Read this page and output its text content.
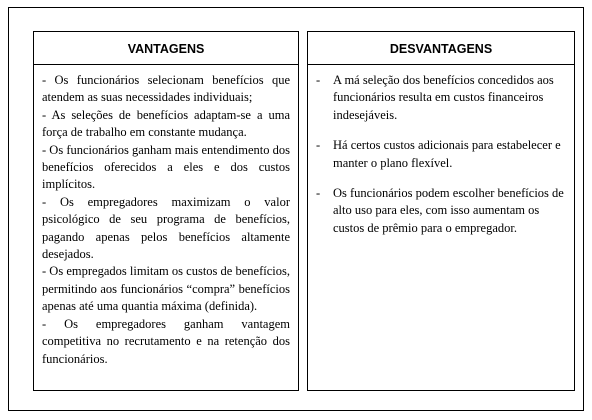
VANTAGENS
- Os funcionários selecionam benefícios que atendem as suas necessidades individuais;
- As seleções de benefícios adaptam-se a uma força de trabalho em constante mudança.
- Os funcionários ganham mais entendimento dos benefícios oferecidos a eles e dos custos implícitos.
- Os empregadores maximizam o valor psicológico de seu programa de benefícios, pagando apenas pelos benefícios altamente desejados.
- Os empregados limitam os custos de benefícios, permitindo aos funcionários “compra” benefícios apenas até uma quantia máxima (definida).
- Os empregadores ganham vantagem competitiva no recrutamento e na retenção dos funcionários.
DESVANTAGENS
-	A má seleção dos benefícios concedidos aos funcionários resulta em custos financeiros indesejáveis.
-	Há certos custos adicionais para estabelecer e manter o plano flexível.
-	Os funcionários podem escolher benefícios de alto uso para eles, com isso aumentam os custos de prêmio para o empregador.
